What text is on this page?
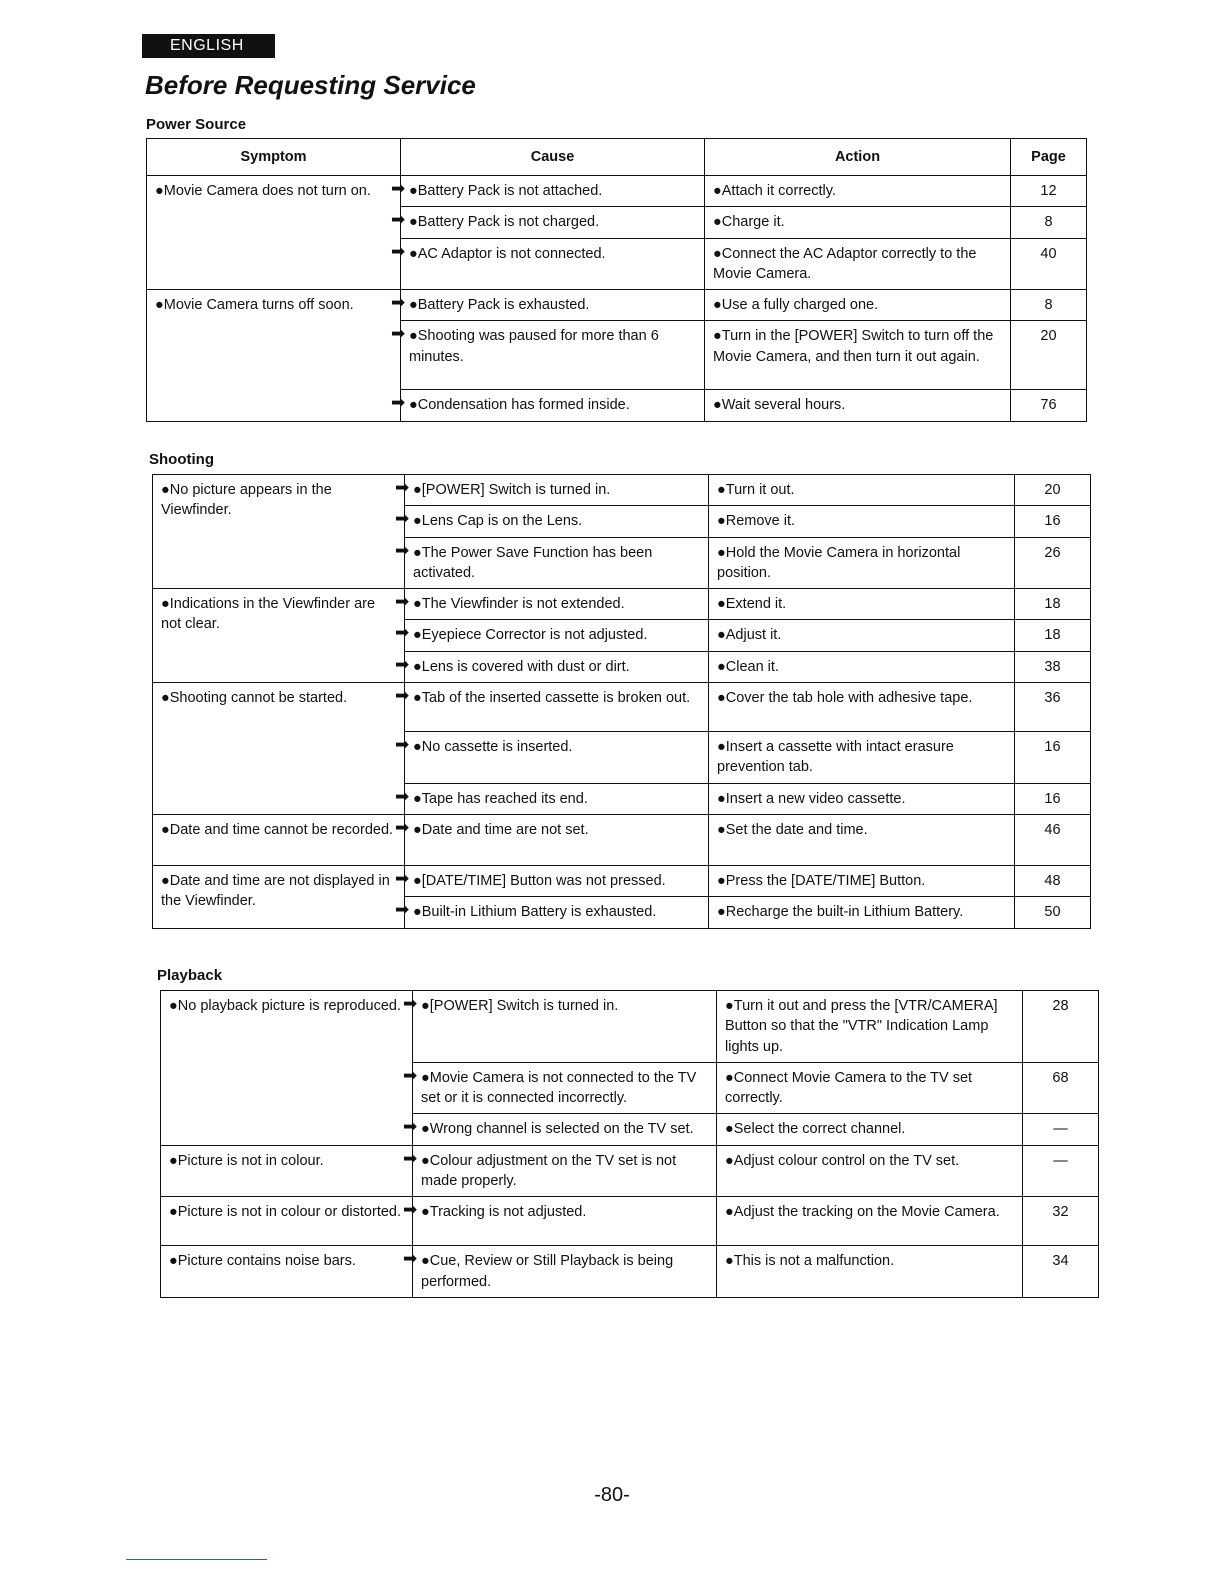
ENGLISH
Before Requesting Service
Power Source
Symptom	Cause	Action	Page
●Movie Camera does not turn on.	➡ ●Battery Pack is not attached.	●Attach it correctly.	12

	➡ ●Battery Pack is not charged.	●Charge it.	8

	➡ ●AC Adaptor is not connected.	●Connect the AC Adaptor correctly to the Movie Camera.	40
●Movie Camera turns off soon.	➡ ●Battery Pack is exhausted.	●Use a fully charged one.	8

	➡ ●Shooting was paused for more than 6 minutes.	●Turn in the [POWER] Switch to turn off the Movie Camera, and then turn it out again.	20

	➡ ●Condensation has formed inside.	●Wait several hours.	76
Shooting
●No picture appears in the Viewfinder.	➡ ●[POWER] Switch is turned in.	●Turn it out.	20

	➡ ●Lens Cap is on the Lens.	●Remove it.	16

	➡ ●The Power Save Function has been activated.	●Hold the Movie Camera in horizontal position.	26
●Indications in the Viewfinder are not clear.	➡ ●The Viewfinder is not extended.	●Extend it.	18

	➡ ●Eyepiece Corrector is not adjusted.	●Adjust it.	18

	➡ ●Lens is covered with dust or dirt.	●Clean it.	38
●Shooting cannot be started.	➡ ●Tab of the inserted cassette is broken out.	●Cover the tab hole with adhesive tape.	36

	➡ ●No cassette is inserted.	●Insert a cassette with intact erasure prevention tab.	16

	➡ ●Tape has reached its end.	●Insert a new video cassette.	16
●Date and time cannot be recorded.	➡ ●Date and time are not set.	●Set the date and time.	46
●Date and time are not displayed in the Viewfinder.	➡ ●[DATE/TIME] Button was not pressed.	●Press the [DATE/TIME] Button.	48

	➡ ●Built-in Lithium Battery is exhausted.	●Recharge the built-in Lithium Battery.	50
Playback
●No playback picture is reproduced.	➡ ●[POWER] Switch is turned in.	●Turn it out and press the [VTR/CAMERA] Button so that the "VTR" Indication Lamp lights up.	28

	➡ ●Movie Camera is not connected to the TV set or it is connected incorrectly.	●Connect Movie Camera to the TV set correctly.	68

	➡ ●Wrong channel is selected on the TV set.	●Select the correct channel.	—
●Picture is not in colour.	➡ ●Colour adjustment on the TV set is not made properly.	●Adjust colour control on the TV set.	—
●Picture is not in colour or distorted.	➡ ●Tracking is not adjusted.	●Adjust the tracking on the Movie Camera.	32
●Picture contains noise bars.	➡ ●Cue, Review or Still Playback is being performed.	●This is not a malfunction.	34
-80-
